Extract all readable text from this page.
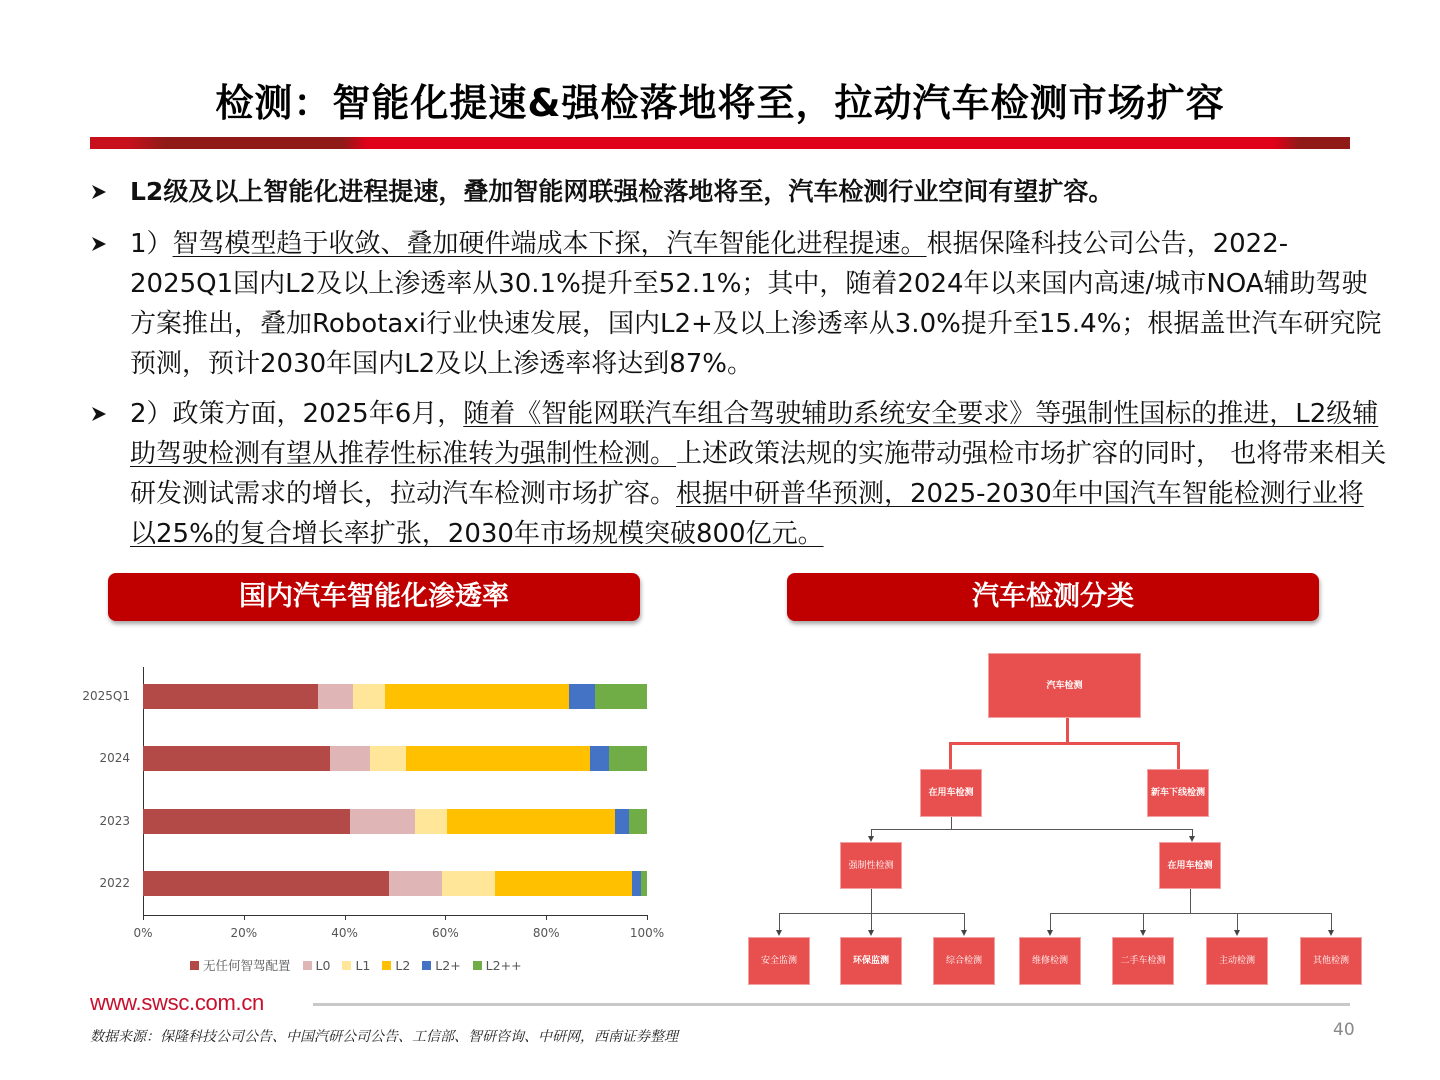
检测：智能化提速&强检落地将至，拉动汽车检测市场扩容
L2级及以上智能化进程提速，叠加智能网联强检落地将至，汽车检测行业空间有望扩容。
1）智驾模型趋于收敛、叠加硬件端成本下探，汽车智能化进程提速。根据保隆科技公司公告，2022-2025Q1国内L2及以上渗透率从30.1%提升至52.1%；其中，随着2024年以来国内高速/城市NOA辅助驾驶方案推出，叠加Robotaxi行业快速发展，国内L2+及以上渗透率从3.0%提升至15.4%；根据盖世汽车研究院预测，预计2030年国内L2及以上渗透率将达到87%。
2）政策方面，2025年6月，随着《智能网联汽车组合驾驶辅助系统安全要求》等强制性国标的推进，L2级辅助驾驶检测有望从推荐性标准转为强制性检测。上述政策法规的实施带动强检市场扩容的同时， 也将带来相关研发测试需求的增长，拉动汽车检测市场扩容。根据中研普华预测，2025-2030年中国汽车智能检测行业将以25%的复合增长率扩张，2030年市场规模突破800亿元。
国内汽车智能化渗透率	汽车检测分类
0%	20%	40%	60%	80%	100%
无任何智驾配置 L0 L1 L2 L2+ L2++
2025Q1
2024
2023
2022
汽车检测
在用车检测	新车下线检测
强制性检测	在用车检测
安全监测	环保监测	综合检测	维修检测	二手车检测	主动检测	其他检测
www.swsc.com.cn
数据来源：保隆科技公司公告、中国汽研公司公告、工信部、智研咨询、中研网，西南证券整理	40
